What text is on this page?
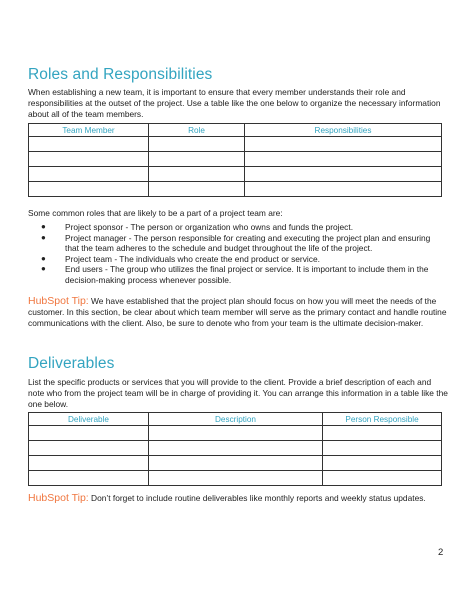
Roles and Responsibilities

When establishing a new team, it is important to ensure that every member understands their role and responsibilities at the outset of the project. Use a table like the one below to organize the necessary information about all of the team members.

Team Member	Role	Responsibilities

Some common roles that are likely to be a part of a project team are:

● Project sponsor - The person or organization who owns and funds the project.
● Project manager - The person responsible for creating and executing the project plan and ensuring that the team adheres to the schedule and budget throughout the life of the project.
● Project team - The individuals who create the end product or service.
● End users - The group who utilizes the final project or service. It is important to include them in the decision-making process whenever possible.

HubSpot Tip: We have established that the project plan should focus on how you will meet the needs of the customer. In this section, be clear about which team member will serve as the primary contact and handle routine communications with the client. Also, be sure to denote who from your team is the ultimate decision-maker.

Deliverables

List the specific products or services that you will provide to the client. Provide a brief description of each and note who from the project team will be in charge of providing it. You can arrange this information in a table like the one below.

Deliverable	Description	Person Responsible

HubSpot Tip: Don’t forget to include routine deliverables like monthly reports and weekly status updates.

2
